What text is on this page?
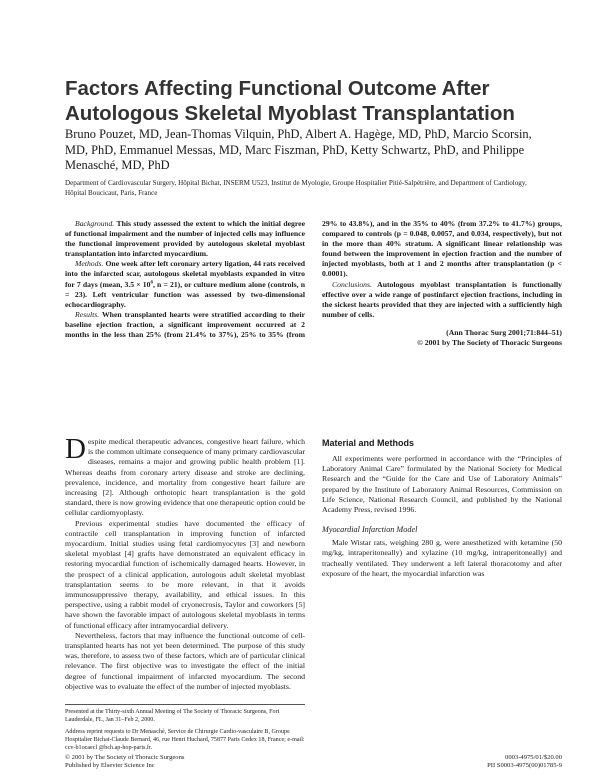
Factors Affecting Functional Outcome After Autologous Skeletal Myoblast Transplantation

Bruno Pouzet, MD, Jean-Thomas Vilquin, PhD, Albert A. Hagège, MD, PhD, Marcio Scorsin, MD, PhD, Emmanuel Messas, MD, Marc Fiszman, PhD, Ketty Schwartz, PhD, and Philippe Menasché, MD, PhD

Department of Cardiovascular Surgery, Hôpital Bichat, INSERM U523, Institut de Myologie, Groupe Hospitalier Pitié-Salpétrière, and Department of Cardiology, Hôpital Boucicaut, Paris, France

Background. This study assessed the extent to which the initial degree of functional impairment and the number of injected cells may influence the functional improvement provided by autologous skeletal myoblast transplantation into infarcted myocardium.

Methods. One week after left coronary artery ligation, 44 rats received into the infarcted scar, autologous skeletal myoblasts expanded in vitro for 7 days (mean, $3.5 \times 10^6$, n = 21), or culture medium alone (controls, n = 23). Left ventricular function was assessed by two-dimensional echocardiography.

Results. When transplanted hearts were stratified according to their baseline ejection fraction, a significant improvement occurred at 2 months in the less than 25% (from 21.4% to 37%), 25% to 35% (from 29% to 43.8%), and in the 35% to 40% (from 37.2% to 41.7%) groups, compared to controls (p = 0.048, 0.0057, and 0.034, respectively), but not in the more than 40% stratum. A significant linear relationship was found between the improvement in ejection fraction and the number of injected myoblasts, both at 1 and 2 months after transplantation (p < 0.0001).

Conclusions. Autologous myoblast transplantation is functionally effective over a wide range of postinfarct ejection fractions, including in the sickest hearts provided that they are injected with a sufficiently high number of cells.

(Ann Thorac Surg 2001;71:844–51)
© 2001 by The Society of Thoracic Surgeons

Despite medical therapeutic advances, congestive heart failure, which is the common ultimate consequence of many primary cardiovascular diseases, remains a major and growing public health problem [1]. Whereas deaths from coronary artery disease and stroke are declining, prevalence, incidence, and mortality from congestive heart failure are increasing [2]. Although orthotopic heart transplantation is the gold standard, there is now growing evidence that one therapeutic option could be cellular cardiomyoplasty.

Previous experimental studies have documented the efficacy of contractile cell transplantation in improving function of infarcted myocardium. Initial studies using fetal cardiomyocytes [3] and newborn skeletal myoblast [4] grafts have demonstrated an equivalent efficacy in restoring myocardial function of ischemically damaged hearts. However, in the prospect of a clinical application, autologous adult skeletal myoblast transplantation seems to be more relevant, in that it avoids immunosuppressive therapy, availability, and ethical issues. In this perspective, using a rabbit model of cryonecrosis, Taylor and coworkers [5] have shown the favorable impact of autologous skeletal myoblasts in terms of functional efficacy after intramyocardial delivery.

Nevertheless, factors that may influence the functional outcome of cell-transplanted hearts has not yet been determined. The purpose of this study was, therefore, to assess two of these factors, which are of particular clinical relevance. The first objective was to investigate the effect of the initial degree of functional impairment of infarcted myocardium. The second objective was to evaluate the effect of the number of injected myoblasts.

Material and Methods

All experiments were performed in accordance with the “Principles of Laboratory Animal Care” formulated by the National Society for Medical Research and the “Guide for the Care and Use of Laboratory Animals” prepared by the Institute of Laboratory Animal Resources, Commission on Life Science, National Research Council, and published by the National Academy Press, revised 1996.

Myocardial Infarction Model

Male Wistar rats, weighing 280 g, were anesthetized with ketamine (50 mg/kg, intraperitoneally) and xylazine (10 mg/kg, intraperitoneally) and tracheally ventilated. They underwent a left lateral thoracotomy and after exposure of the heart, the myocardial infarction was

Presented at the Thirty-sixth Annual Meeting of The Society of Thoracic Surgeons, Fort Lauderdale, FL, Jan 31–Feb 2, 2000.

Address reprint requests to Dr Menasché, Service de Chirurgie Cardio-vasculaire B, Groupe Hospitalier Bichat-Claude Bernard, 46, rue Henri Huchard, 75877 Paris Cedex 18, France; e-mail: ccv-b1ocaecl @bch.ap-hop-paris.fr.

© 2001 by The Society of Thoracic Surgeons
Published by Elsevier Science Inc
0003-4975/01/$20.00
PII S0003-4975(00)01785-9
